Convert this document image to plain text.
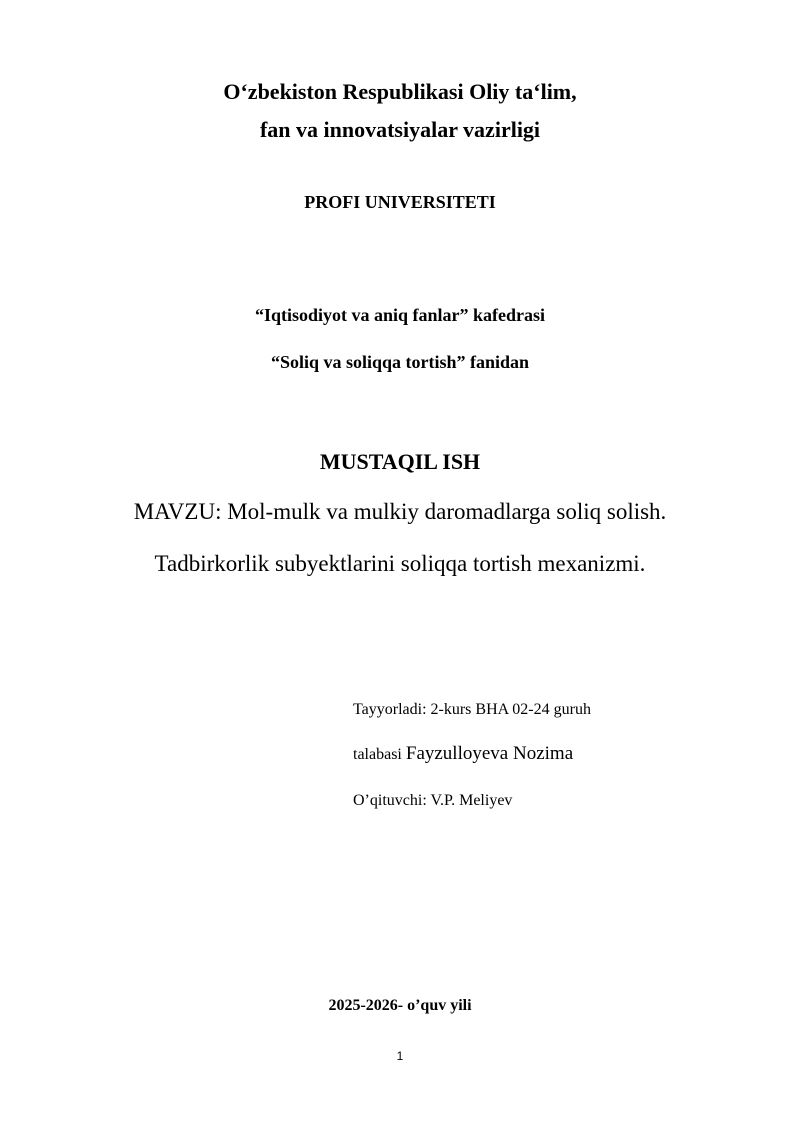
O‘zbekiston Respublikasi Oliy ta‘lim,
fan va innovatsiyalar vazirligi
PROFI UNIVERSITETI
“Iqtisodiyot va aniq fanlar” kafedrasi
“Soliq va soliqqa tortish” fanidan
MUSTAQIL ISH
MAVZU: Mol-mulk va mulkiy daromadlarga soliq solish.
Tadbirkorlik subyektlarini soliqqa tortish mexanizmi.
Tayyorladi: 2-kurs BHA 02-24 guruh
talabasi Fayzulloyeva Nozima
O’qituvchi: V.P. Meliyev
2025-2026- o’quv yili
1
